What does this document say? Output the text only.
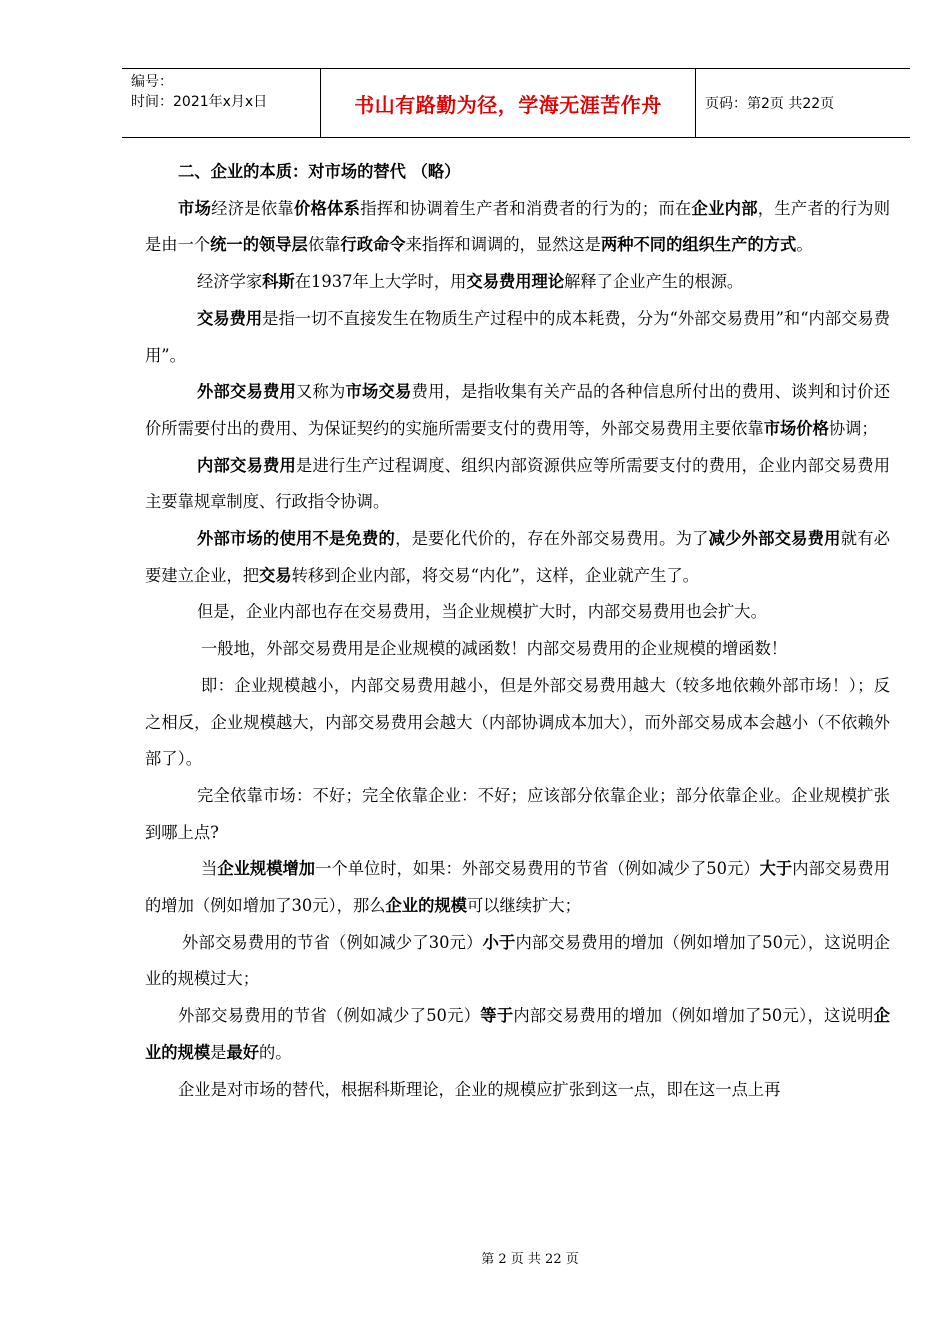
编号：
时间：2021年x月x日	书山有路勤为径，学海无涯苦作舟	页码：第2页 共22页

二、企业的本质：对市场的替代 （略）

市场经济是依靠价格体系指挥和协调着生产者和消费者的行为的；而在企业内部，生产者的行为则是由一个统一的领导层依靠行政命令来指挥和调调的，显然这是两种不同的组织生产的方式。

经济学家科斯在1937年上大学时，用交易费用理论解释了企业产生的根源。

交易费用是指一切不直接发生在物质生产过程中的成本耗费，分为“外部交易费用”和“内部交易费用”。

外部交易费用又称为市场交易费用，是指收集有关产品的各种信息所付出的费用、谈判和讨价还价所需要付出的费用、为保证契约的实施所需要支付的费用等，外部交易费用主要依靠市场价格协调；

内部交易费用是进行生产过程调度、组织内部资源供应等所需要支付的费用，企业内部交易费用主要靠规章制度、行政指令协调。

外部市场的使用不是免费的，是要化代价的，存在外部交易费用。为了减少外部交易费用就有必要建立企业，把交易转移到企业内部，将交易“内化”，这样，企业就产生了。

但是，企业内部也存在交易费用，当企业规模扩大时，内部交易费用也会扩大。

一般地，外部交易费用是企业规模的减函数！内部交易费用的企业规模的增函数！

即：企业规模越小，内部交易费用越小，但是外部交易费用越大（较多地依赖外部市场！）；反之相反，企业规模越大，内部交易费用会越大（内部协调成本加大），而外部交易成本会越小（不依赖外部了）。

完全依靠市场：不好；完全依靠企业：不好；应该部分依靠企业；部分依靠企业。企业规模扩张到哪上点?

当企业规模增加一个单位时，如果：外部交易费用的节省（例如减少了50元）大于内部交易费用的增加（例如增加了30元），那么企业的规模可以继续扩大；

外部交易费用的节省（例如减少了30元）小于内部交易费用的增加（例如增加了50元），这说明企业的规模过大；

外部交易费用的节省（例如减少了50元）等于内部交易费用的增加（例如增加了50元），这说明企业的规模是最好的。

企业是对市场的替代，根据科斯理论，企业的规模应扩张到这一点，即在这一点上再

第 2 页 共 22 页
